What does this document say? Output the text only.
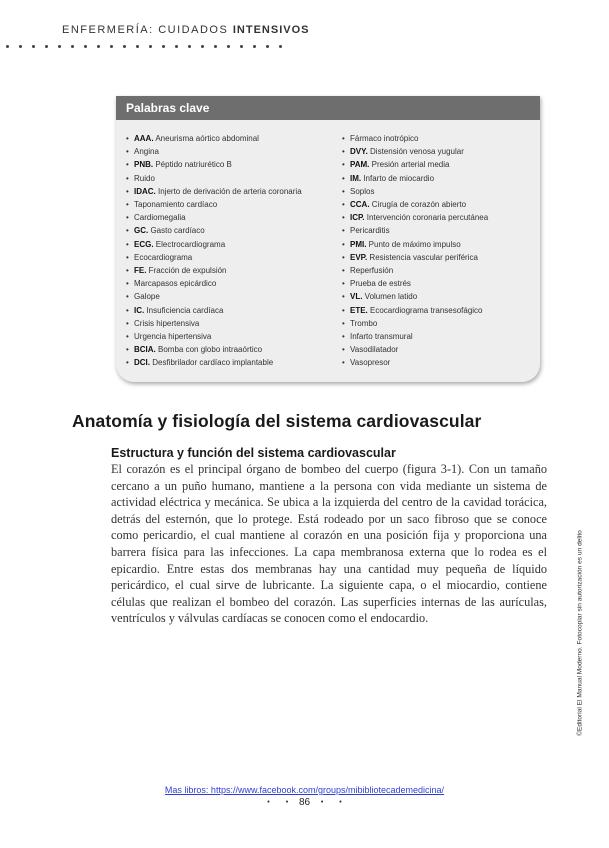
ENFERMERÍA: CUIDADOS INTENSIVOS
Palabras clave
• AAA. Aneurisma aórtico abdominal
• Angina
• PNB. Péptido natriurético B
• Ruido
• IDAC. Injerto de derivación de arteria coronaria
• Taponamiento cardíaco
• Cardiomegalia
• GC. Gasto cardíaco
• ECG. Electrocardiograma
• Ecocardiograma
• FE. Fracción de expulsión
• Marcapasos epicárdico
• Galope
• IC. Insuficiencia cardíaca
• Crisis hipertensiva
• Urgencia hipertensiva
• BCIA. Bomba con globo intraaórtico
• DCI. Desfibrilador cardíaco implantable
• Fármaco inotrópico
• DVY. Distensión venosa yugular
• PAM. Presión arterial media
• IM. Infarto de miocardio
• Soplos
• CCA. Cirugía de corazón abierto
• ICP. Intervención coronaria percutánea
• Pericarditis
• PMI. Punto de máximo impulso
• EVP. Resistencia vascular periférica
• Reperfusión
• Prueba de estrés
• VL. Volumen latido
• ETE. Ecocardiograma transesofágico
• Trombo
• Infarto transmural
• Vasodilatador
• Vasopresor
Anatomía y fisiología del sistema cardiovascular
Estructura y función del sistema cardiovascular
El corazón es el principal órgano de bombeo del cuerpo (figura 3-1). Con un tamaño cercano a un puño humano, mantiene a la persona con vida mediante un sistema de actividad eléctrica y mecánica. Se ubica a la izquierda del centro de la cavidad torácica, detrás del esternón, que lo protege. Está rodeado por un saco fibroso que se conoce como pericardio, el cual mantiene al corazón en una posición fija y proporciona una barrera física para las infecciones. La capa membranosa externa que lo rodea es el epicardio. Entre estas dos membranas hay una cantidad muy pequeña de líquido pericárdico, el cual sirve de lubricante. La siguiente capa, o el miocardio, contiene células que realizan el bombeo del corazón. Las superficies internas de las aurículas, ventrículos y válvulas cardíacas se conocen como el endocardio.	©Editorial El Manual Moderno. Fotocopiar sin autorización es un delito
Mas libros: https://www.facebook.com/groups/mibibliotecademedicina/
• • 86 • •
